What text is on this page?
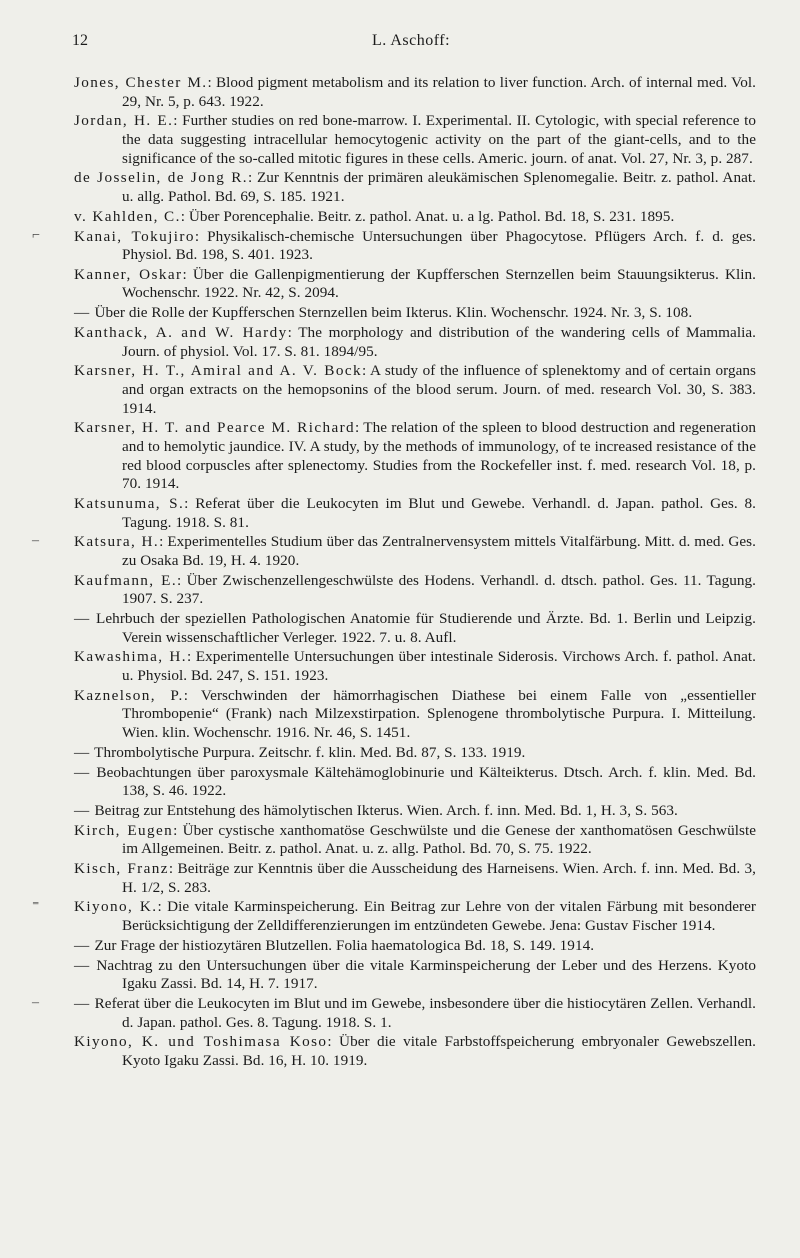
12	L. Aschoff:

Jones, Chester M.: Blood pigment metabolism and its relation to liver function. Arch. of internal med. Vol. 29, Nr. 5, p. 643. 1922.

Jordan, H. E.: Further studies on red bone-marrow. I. Experimental. II. Cytologic, with special reference to the data suggesting intracellular hemocytogenic activity on the part of the giant-cells, and to the significance of the so-called mitotic figures in these cells. Americ. journ. of anat. Vol. 27, Nr. 3, p. 287.

de Josselin, de Jong R.: Zur Kenntnis der primären aleukämischen Splenomegalie. Beitr. z. pathol. Anat. u. allg. Pathol. Bd. 69, S. 185. 1921.

v. Kahlden, C.: Über Porencephalie. Beitr. z. pathol. Anat. u. a lg. Pathol. Bd. 18, S. 231. 1895.

Kanai, Tokujiro: Physikalisch-chemische Untersuchungen über Phagocytose. Pflügers Arch. f. d. ges. Physiol. Bd. 198, S. 401. 1923.

Kanner, Oskar: Über die Gallenpigmentierung der Kupfferschen Sternzellen beim Stauungsikterus. Klin. Wochenschr. 1922. Nr. 42, S. 2094.

— Über die Rolle der Kupfferschen Sternzellen beim Ikterus. Klin. Wochenschr. 1924. Nr. 3, S. 108.

Kanthack, A. and W. Hardy: The morphology and distribution of the wandering cells of Mammalia. Journ. of physiol. Vol. 17. S. 81. 1894/95.

Karsner, H. T., Amiral and A. V. Bock: A study of the influence of splenektomy and of certain organs and organ extracts on the hemopsonins of the blood serum. Journ. of med. research Vol. 30, S. 383. 1914.

Karsner, H. T. and Pearce M. Richard: The relation of the spleen to blood destruction and regeneration and to hemolytic jaundice. IV. A study, by the methods of immunology, of te increased resistance of the red blood corpuscles after splenectomy. Studies from the Rockefeller inst. f. med. research Vol. 18, p. 70. 1914.

Katsunuma, S.: Referat über die Leukocyten im Blut und Gewebe. Verhandl. d. Japan. pathol. Ges. 8. Tagung. 1918. S. 81.

Katsura, H.: Experimentelles Studium über das Zentralnervensystem mittels Vitalfärbung. Mitt. d. med. Ges. zu Osaka Bd. 19, H. 4. 1920.

Kaufmann, E.: Über Zwischenzellengeschwülste des Hodens. Verhandl. d. dtsch. pathol. Ges. 11. Tagung. 1907. S. 237.

— Lehrbuch der speziellen Pathologischen Anatomie für Studierende und Ärzte. Bd. 1. Berlin und Leipzig. Verein wissenschaftlicher Verleger. 1922. 7. u. 8. Aufl.

Kawashima, H.: Experimentelle Untersuchungen über intestinale Siderosis. Virchows Arch. f. pathol. Anat. u. Physiol. Bd. 247, S. 151. 1923.

Kaznelson, P.: Verschwinden der hämorrhagischen Diathese bei einem Falle von „essentieller Thrombopenie“ (Frank) nach Milzexstirpation. Splenogene thrombolytische Purpura. I. Mitteilung. Wien. klin. Wochenschr. 1916. Nr. 46, S. 1451.

— Thrombolytische Purpura. Zeitschr. f. klin. Med. Bd. 87, S. 133. 1919.

— Beobachtungen über paroxysmale Kältehämoglobinurie und Kälteikterus. Dtsch. Arch. f. klin. Med. Bd. 138, S. 46. 1922.

— Beitrag zur Entstehung des hämolytischen Ikterus. Wien. Arch. f. inn. Med. Bd. 1, H. 3, S. 563.

Kirch, Eugen: Über cystische xanthomatöse Geschwülste und die Genese der xanthomatösen Geschwülste im Allgemeinen. Beitr. z. pathol. Anat. u. z. allg. Pathol. Bd. 70, S. 75. 1922.

Kisch, Franz: Beiträge zur Kenntnis über die Ausscheidung des Harneisens. Wien. Arch. f. inn. Med. Bd. 3, H. 1/2, S. 283.

Kiyono, K.: Die vitale Karminspeicherung. Ein Beitrag zur Lehre von der vitalen Färbung mit besonderer Berücksichtigung der Zelldifferenzierungen im entzündeten Gewebe. Jena: Gustav Fischer 1914.

— Zur Frage der histiozytären Blutzellen. Folia haematologica Bd. 18, S. 149. 1914.

— Nachtrag zu den Untersuchungen über die vitale Karminspeicherung der Leber und des Herzens. Kyoto Igaku Zassi. Bd. 14, H. 7. 1917.

— Referat über die Leukocyten im Blut und im Gewebe, insbesondere über die histiocytären Zellen. Verhandl. d. Japan. pathol. Ges. 8. Tagung. 1918. S. 1.

Kiyono, K. und Toshimasa Koso: Über die vitale Farbstoffspeicherung embryonaler Gewebszellen. Kyoto Igaku Zassi. Bd. 16, H. 10. 1919.

⌐
–
⁼
–
